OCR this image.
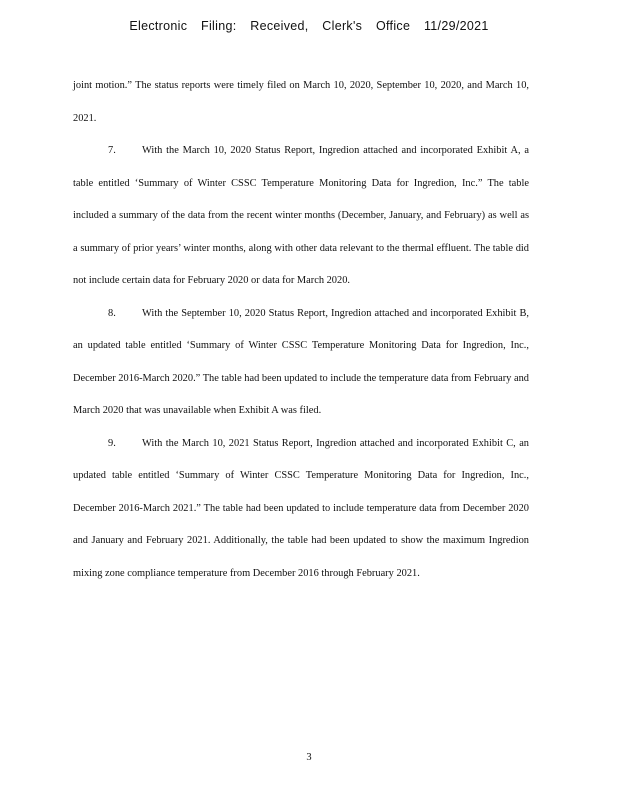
Electronic Filing: Received, Clerk's Office 11/29/2021

joint motion.” The status reports were timely filed on March 10, 2020, September 10, 2020, and March 10, 2021.

7.	With the March 10, 2020 Status Report, Ingredion attached and incorporated Exhibit A, a table entitled ‘Summary of Winter CSSC Temperature Monitoring Data for Ingredion, Inc.” The table included a summary of the data from the recent winter months (December, January, and February) as well as a summary of prior years’ winter months, along with other data relevant to the thermal effluent. The table did not include certain data for February 2020 or data for March 2020.

8.	With the September 10, 2020 Status Report, Ingredion attached and incorporated Exhibit B, an updated table entitled ‘Summary of Winter CSSC Temperature Monitoring Data for Ingredion, Inc., December 2016-March 2020.” The table had been updated to include the temperature data from February and March 2020 that was unavailable when Exhibit A was filed.

9.	With the March 10, 2021 Status Report, Ingredion attached and incorporated Exhibit C, an updated table entitled ‘Summary of Winter CSSC Temperature Monitoring Data for Ingredion, Inc., December 2016-March 2021.” The table had been updated to include temperature data from December 2020 and January and February 2021. Additionally, the table had been updated to show the maximum Ingredion mixing zone compliance temperature from December 2016 through February 2021.

3
